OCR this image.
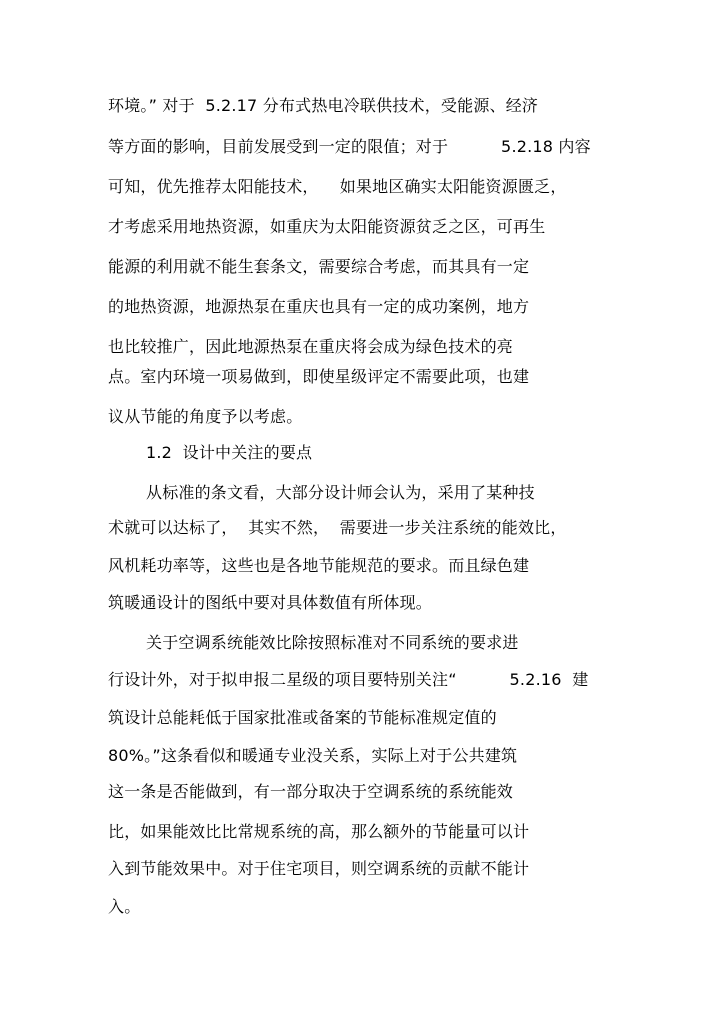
环境。” 对于  5.2.17 分布式热电冷联供技术，受能源、经济
等方面的影响，目前发展受到一定的限值；对于          5.2.18 内容
可知，优先推荐太阳能技术，    如果地区确实太阳能资源匮乏，
才考虑采用地热资源，如重庆为太阳能资源贫乏之区，可再生
能源的利用就不能生套条文，需要综合考虑，而其具有一定
的地热资源，地源热泵在重庆也具有一定的成功案例，地方
也比较推广，因此地源热泵在重庆将会成为绿色技术的亮
点。室内环境一项易做到，即使星级评定不需要此项，也建
议从节能的角度予以考虑。
1.2  设计中关注的要点
从标准的条文看，大部分设计师会认为，采用了某种技
术就可以达标了，  其实不然，  需要进一步关注系统的能效比，
风机耗功率等，这些也是各地节能规范的要求。而且绿色建
筑暖通设计的图纸中要对具体数值有所体现。
关于空调系统能效比除按照标准对不同系统的要求进
行设计外，对于拟申报二星级的项目要特别关注“          5.2.16  建
筑设计总能耗低于国家批准或备案的节能标准规定值的
80%。”这条看似和暖通专业没关系，实际上对于公共建筑
这一条是否能做到，有一部分取决于空调系统的系统能效
比，如果能效比比常规系统的高，那么额外的节能量可以计
入到节能效果中。对于住宅项目，则空调系统的贡献不能计
入。
